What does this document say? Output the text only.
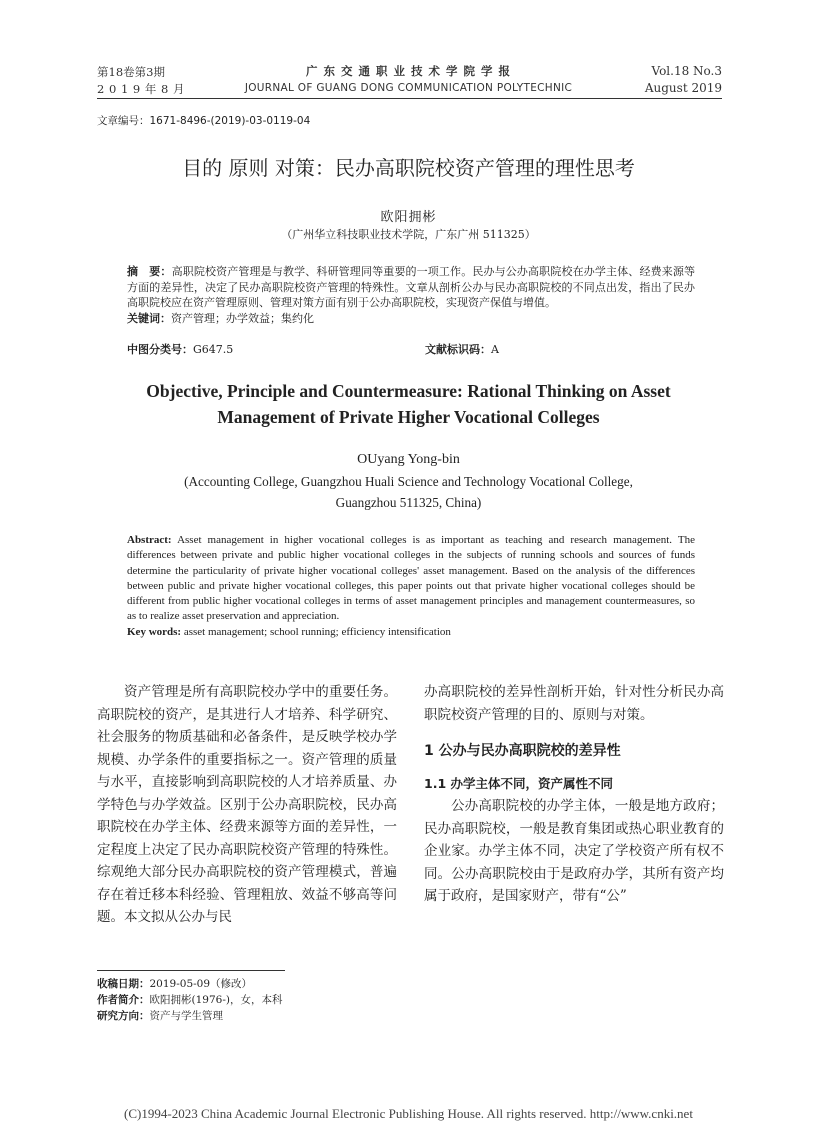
第18卷第3期
2 0 1 9 年 8 月
广 东 交 通 职 业 技 术 学 院 学 报
JOURNAL OF GUANG DONG COMMUNICATION POLYTECHNIC
Vol.18 No.3
August 2019
文章编号：1671-8496-(2019)-03-0119-04
目的 原则 对策：民办高职院校资产管理的理性思考
欧阳拥彬
（广州华立科技职业技术学院，广东广州 511325）

摘　要：高职院校资产管理是与教学、科研管理同等重要的一项工作。民办与公办高职院校在办学主体、经费来源等方面的差异性，决定了民办高职院校资产管理的特殊性。文章从剖析公办与民办高职院校的不同点出发，指出了民办高职院校应在资产管理原则、管理对策方面有别于公办高职院校，实现资产保值与增值。

关键词：资产管理；办学效益；集约化

中图分类号：G647.5	文献标识码：A
Objective, Principle and Countermeasure: Rational Thinking on Asset
Management of Private Higher Vocational Colleges
OUyang Yong-bin
(Accounting College, Guangzhou Huali Science and Technology Vocational College,
Guangzhou 511325, China)

Abstract: Asset management in higher vocational colleges is as important as teaching and research management. The differences between private and public higher vocational colleges in the subjects of running schools and sources of funds determine the particularity of private higher vocational colleges' asset management. Based on the analysis of the differences between public and private higher vocational colleges, this paper points out that private higher vocational colleges should be different from public higher vocational colleges in terms of asset management principles and management countermeasures, so as to realize asset preservation and appreciation.

Key words: asset management; school running; efficiency intensification

资产管理是所有高职院校办学中的重要任务。高职院校的资产，是其进行人才培养、科学研究、社会服务的物质基础和必备条件，是反映学校办学规模、办学条件的重要指标之一。资产管理的质量与水平，直接影响到高职院校的人才培养质量、办学特色与办学效益。区别于公办高职院校，民办高职院校在办学主体、经费来源等方面的差异性，一定程度上决定了民办高职院校资产管理的特殊性。综观绝大部分民办高职院校的资产管理模式，普遍存在着迁移本科经验、管理粗放、效益不够高等问题。本文拟从公办与民

办高职院校的差异性剖析开始，针对性分析民办高职院校资产管理的目的、原则与对策。

1 公办与民办高职院校的差异性
1.1 办学主体不同，资产属性不同

公办高职院校的办学主体，一般是地方政府；民办高职院校，一般是教育集团或热心职业教育的企业家。办学主体不同，决定了学校资产所有权不同。公办高职院校由于是政府办学，其所有资产均属于政府，是国家财产，带有“公”

收稿日期：2019-05-09（修改）
作者简介：欧阳拥彬(1976-)，女，本科
研究方向：资产与学生管理
(C)1994-2023 China Academic Journal Electronic Publishing House. All rights reserved. http://www.cnki.net
